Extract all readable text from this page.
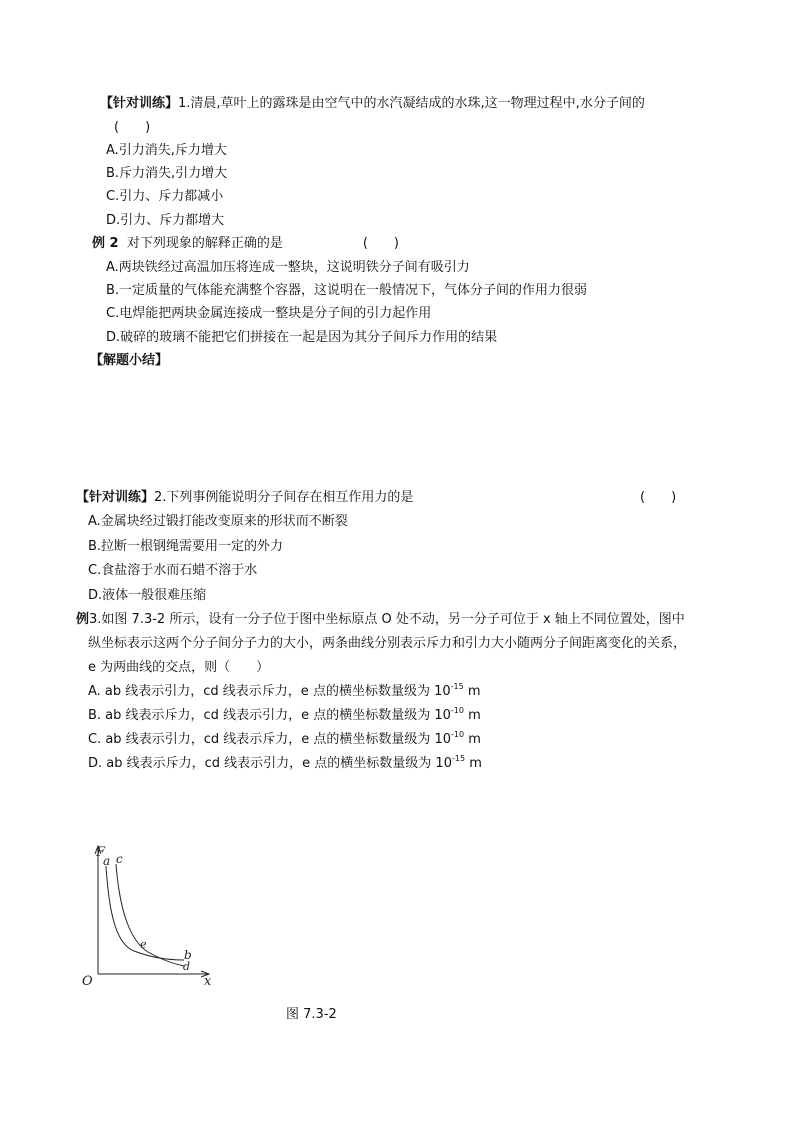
【针对训练】1.清晨,草叶上的露珠是由空气中的水汽凝结成的水珠,这一物理过程中,水分子间的
(　　)
A.引力消失,斥力增大
B.斥力消失,引力增大
C.引力、斥力都减小
D.引力、斥力都增大
例 2 对下列现象的解释正确的是	(　　)
A.两块铁经过高温加压将连成一整块，这说明铁分子间有吸引力
B.一定质量的气体能充满整个容器，这说明在一般情况下，气体分子间的作用力很弱
C.电焊能把两块金属连接成一整块是分子间的引力起作用
D.破碎的玻璃不能把它们拼接在一起是因为其分子间斥力作用的结果
【解题小结】
【针对训练】2.下列事例能说明分子间存在相互作用力的是	(　　)
A.金属块经过锻打能改变原来的形状而不断裂
B.拉断一根钢绳需要用一定的外力
C.食盐溶于水而石蜡不溶于水
D.液体一般很难压缩
例3.如图 7.3-2 所示，设有一分子位于图中坐标原点 O 处不动，另一分子可位于 x 轴上不同位置处，图中
纵坐标表示这两个分子间分子力的大小，两条曲线分别表示斥力和引力大小随两分子间距离变化的关系，
e 为两曲线的交点，则（　　）
A. ab 线表示引力，cd 线表示斥力，e 点的横坐标数量级为 $10^{-15}$ m
B. ab 线表示斥力，cd 线表示引力，e 点的横坐标数量级为 $10^{-10}$ m
C. ab 线表示引力，cd 线表示斥力，e 点的横坐标数量级为 $10^{-10}$ m
D. ab 线表示斥力，cd 线表示引力，e 点的横坐标数量级为 $10^{-15}$ m
F
a c
e
b
d
O	x
图 7.3-2
